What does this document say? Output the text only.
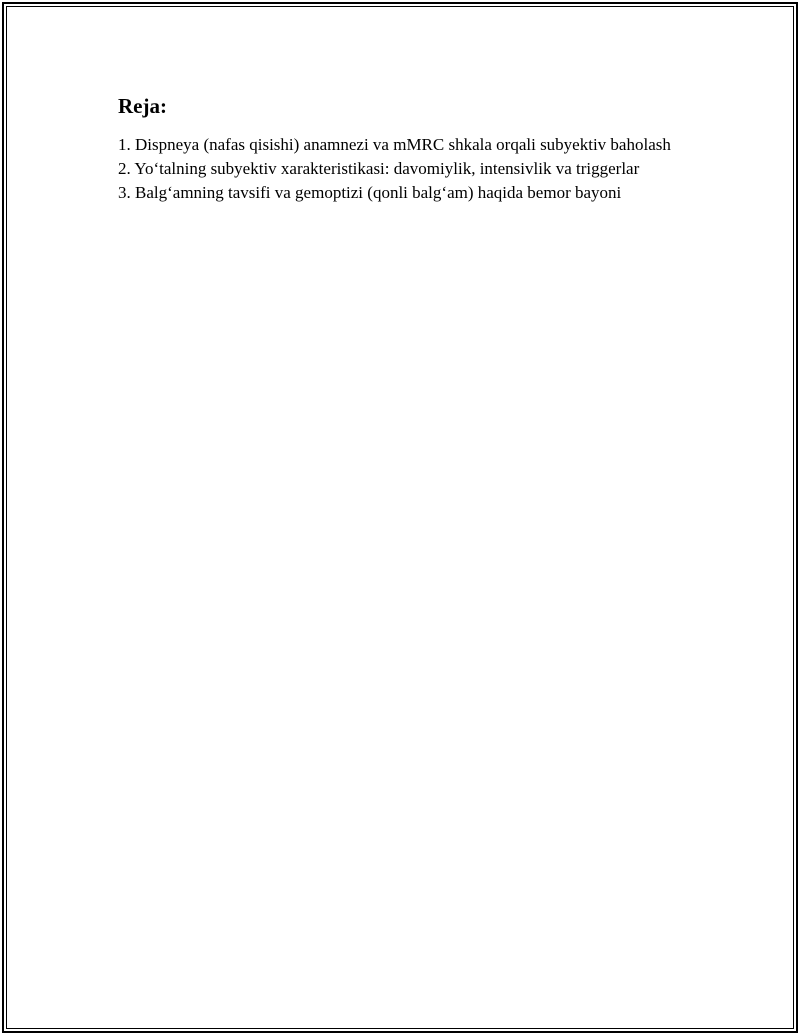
Reja:
1. Dispneya (nafas qisishi) anamnezi va mMRC shkala orqali subyektiv baholash
2. Yo‘talning subyektiv xarakteristikasi: davomiylik, intensivlik va triggerlar
3. Balg‘amning tavsifi va gemoptizi (qonli balg‘am) haqida bemor bayoni
